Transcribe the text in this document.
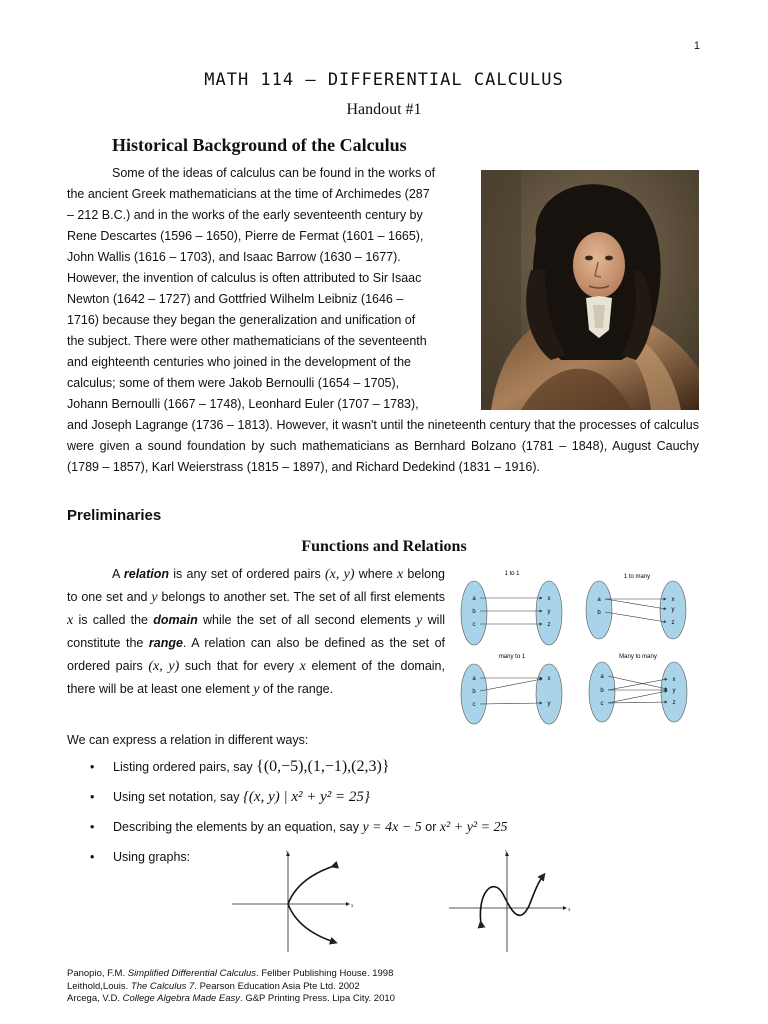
1
MATH 114 – DIFFERENTIAL CALCULUS
Handout #1
Historical Background of the Calculus

Some of the ideas of calculus can be found in the works of
the ancient Greek mathematicians at the time of Archimedes (287
– 212 B.C.) and in the works of the early seventeenth century by
Rene Descartes (1596 – 1650), Pierre de Fermat (1601 – 1665),
John Wallis (1616 – 1703), and Isaac Barrow (1630 – 1677).
However, the invention of calculus is often attributed to Sir Isaac
Newton (1642 – 1727) and Gottfried Wilhelm Leibniz (1646 –
1716) because they began the generalization and unification of
the subject. There were other mathematicians of the seventeenth
and eighteenth centuries who joined in the development of the
calculus; some of them were Jakob Bernoulli (1654 – 1705),
Johann Bernoulli (1667 – 1748), Leonhard Euler (1707 – 1783),
and Joseph Lagrange (1736 – 1813). However, it wasn't until the nineteenth century that the processes of calculus were given a sound foundation by such mathematicians as Bernhard Bolzano (1781 – 1848), August Cauchy (1789 – 1857), Karl Weierstrass (1815 – 1897), and Richard Dedekind (1831 – 1916).

Preliminaries
Functions and Relations

A relation is any set of ordered pairs (x, y) where x belong to one set and y belongs to another set. The set of all first elements x is called the domain while the set of all second elements y will constitute the range. A relation can also be defined as the set of ordered pairs (x, y) such that for every x element of the domain, there will be at least one element y of the range.

1 to 1
a
b
c
x
y
z
1 to many
a
b
x
y
z
many to 1
a
b
c
x
y
Many to many
a
b
c
x
y
z
We can express a relation in different ways:
• Listing ordered pairs, say {(0,−5),(1,−1),(2,3)}
• Using set notation, say {(x, y) | x² + y² = 25}
• Describing the elements by an equation, say y = 4x − 5 or x² + y² = 25
• Using graphs:
x
y
x
y
Panopio, F.M. Simplified Differential Calculus. Feliber Publishing House. 1998
Leithold,Louis. The Calculus 7. Pearson Education Asia Pte Ltd. 2002
Arcega, V.D. College Algebra Made Easy. G&P Printing Press. Lipa City. 2010
